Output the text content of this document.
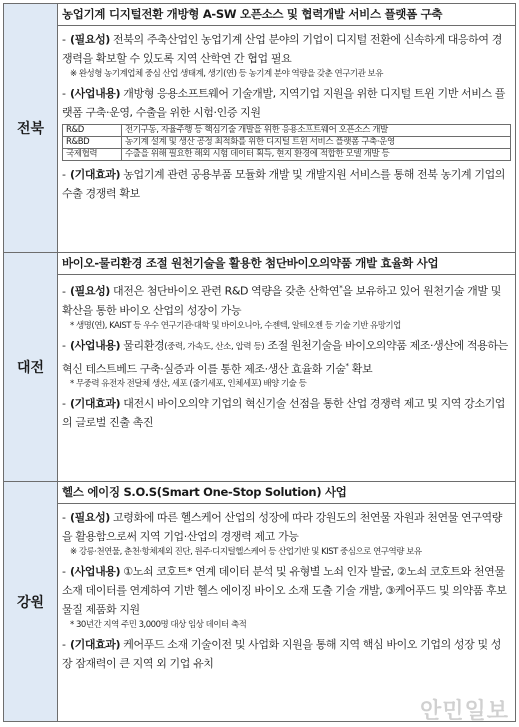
전북	
농업기계 디지털전환 개방형 A-SW 오픈소스 및 협력개발 서비스 플랫폼 구축
- (필요성) 전북의 주축산업인 농업기계 산업 분야의 기업이 디지털 전환에 신속하게 대응하여 경쟁력을 확보할 수 있도록 지역 산학연 간 협업 필요
※ 완성형 농기계업체 중심 산업 생태계, 생기(연) 등 농기계 분야 역량을 갖춘 연구기관 보유
- (사업내용) 개방형 응용소프트웨어 기술개발, 지역기업 지원을 위한 디지털 트윈 기반 서비스 플랫폼 구축·운영, 수출을 위한 시험·인증 지원
R&D	전기구동, 자율주행 등 핵심기술 개발을 위한 응용소프트웨어 오픈소스 개발
R&BD	농기계 설계 및 생산 공정 최적화를 위한 디지털 트윈 서비스 플랫폼 구축·운영
국제협력	수출을 위해 필요한 해외 시험 데이터 획득, 현지 환경에 적합한 모델 개발 등
- (기대효과) 농업기계 관련 공용부품 모듈화 개발 및 개발지원 서비스를 통해 전북 농기계 기업의 수출 경쟁력 확보

대전	
바이오-물리환경 조절 원천기술을 활용한 첨단바이오의약품 개발 효율화 사업
- (필요성) 대전은 첨단바이오 관련 R&D 역량을 갖춘 산학연*을 보유하고 있어 원천기술 개발 및 확산을 통한 바이오 산업의 성장이 가능
* 생명(연), KAIST 등 우수 연구기관·대학 및 바이오니아, 수젠텍, 알테오젠 등 기술 기반 유망기업
- (사업내용) 물리환경(중력, 가속도, 산소, 압력 등) 조절 원천기술을 바이오의약품 제조·생산에 적용하는 혁신 테스트베드 구축·실증과 이를 통한 제조·생산 효율화 기술* 확보
* 무중력 유전자 전달체 생산, 세포 (줄기세포, 인체세포) 배양 기술 등
- (기대효과) 대전시 바이오의약 기업의 혁신기술 선점을 통한 산업 경쟁력 제고 및 지역 강소기업의 글로벌 진출 촉진

강원	
헬스 에이징 S.O.S(Smart One-Stop Solution) 사업
- (필요성) 고령화에 따른 헬스케어 산업의 성장에 따라 강원도의 천연물 자원과 천연물 연구역량을 활용함으로써 지역 기업·산업의 경쟁력 제고 가능
※ 강릉·천연물, 춘천·항체제외 진단, 원주·디지털헬스케어 등 산업기반 및 KIST 중심으로 연구역량 보유
- (사업내용) ①노쇠 코호트* 연계 데이터 분석 및 유형별 노쇠 인자 발굴, ②노쇠 코호트와 천연물 소재 데이터를 연계하여 기반 헬스 에이징 바이오 소재 도출 기술 개발, ③케어푸드 및 의약품 후보물질 제품화 지원
* 30년간 지역 주민 3,000명 대상 임상 데이터 축적
- (기대효과) 케어푸드 소재 기술이전 및 사업화 지원을 통해 지역 핵심 바이오 기업의 성장 및 성장 잠재력이 큰 지역 외 기업 유치
안민일보
